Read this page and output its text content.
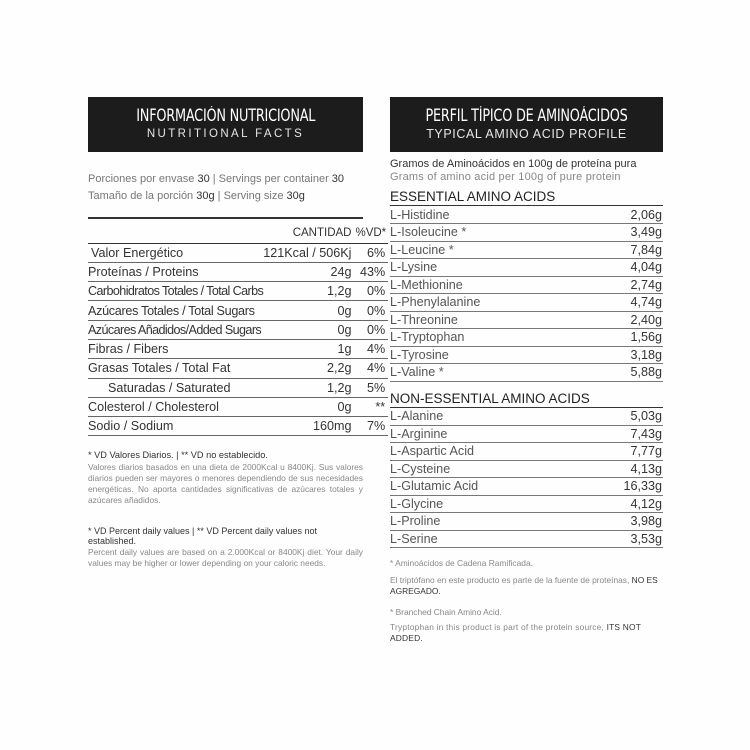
INFORMACIÓN NUTRICIONAL
NUTRITIONAL FACTS
Porciones por envase 30 | Servings per container 30
Tamaño de la porción 30g | Serving size 30g
	CANTIDAD	%VD*
Valor Energético	121Kcal / 506Kj	6%
Proteínas / Proteins	24g	43%
Carbohidratos Totales / Total Carbs	1,2g	0%
Azúcares Totales / Total Sugars	0g	0%
Azúcares Añadidos/Added Sugars	0g	0%
Fibras / Fibers	1g	4%
Grasas Totales / Total Fat	2,2g	4%
Saturadas / Saturated	1,2g	5%
Colesterol / Cholesterol	0g	**
Sodio / Sodium	160mg	7%
* VD Valores Diarios. | ** VD no establecido.
Valores diarios basados en una dieta de 2000Kcal u 8400Kj. Sus valores diarios pueden ser mayores o menores dependiendo de sus necesidades energéticas. No aporta cantidades significativas de azúcares totales y azúcares añadidos.
* VD Percent daily values | ** VD Percent daily values not established.
Percent daily values are based on a 2.000Kcal or 8400Kj diet. Your daily values may be higher or lower depending on your caloric needs.
PERFIL TÍPICO DE AMINOÁCIDOS
TYPICAL AMINO ACID PROFILE
Gramos de Aminoácidos en 100g de proteína pura
Grams of amino acid per 100g of pure protein
ESSENTIAL AMINO ACIDS
L-Histidine	2,06g
L-Isoleucine *	3,49g
L-Leucine *	7,84g
L-Lysine	4,04g
L-Methionine	2,74g
L-Phenylalanine	4,74g
L-Threonine	2,40g
L-Tryptophan	1,56g
L-Tyrosine	3,18g
L-Valine *	5,88g
NON-ESSENTIAL AMINO ACIDS
L-Alanine	5,03g
L-Arginine	7,43g
L-Aspartic Acid	7,77g
L-Cysteine	4,13g
L-Glutamic Acid	16,33g
L-Glycine	4,12g
L-Proline	3,98g
L-Serine	3,53g
* Aminoácidos de Cadena Ramificada.
El triptófano en este producto es parte de la fuente de proteínas, NO ES AGREGADO.
* Branched Chain Amino Acid.
Tryptophan in this product is part of the protein source, ITS NOT ADDED.
